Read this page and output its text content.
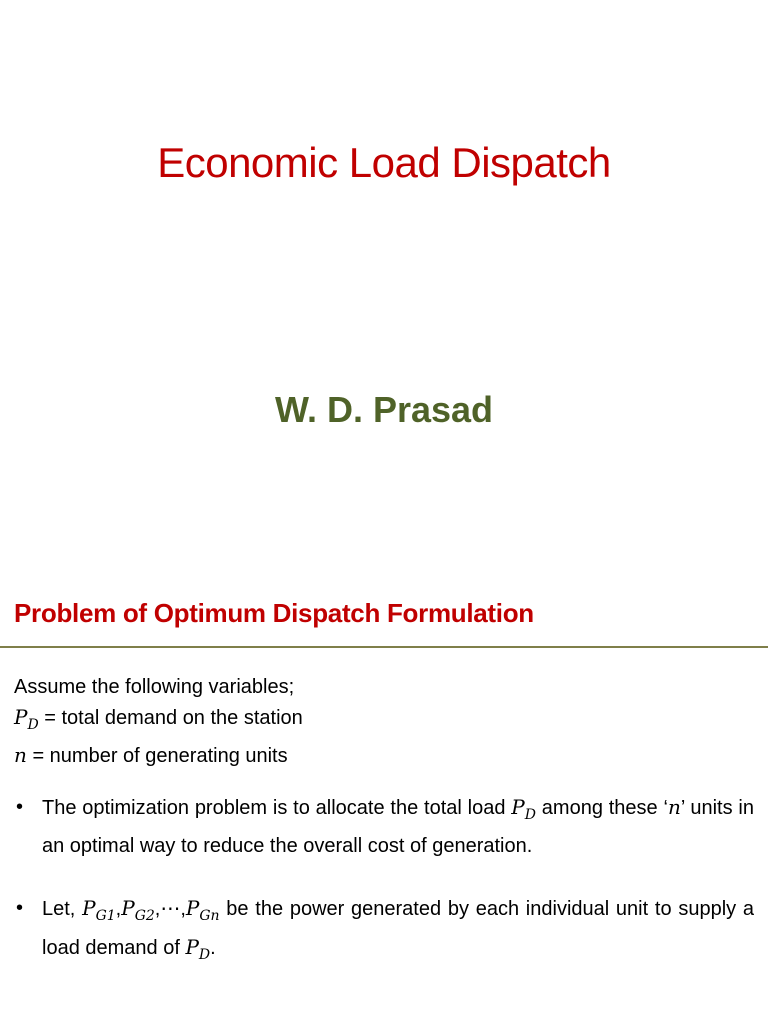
Economic Load Dispatch
W. D. Prasad
Problem of Optimum Dispatch Formulation
Assume the following variables;
$P_D$ = total demand on the station
n = number of generating units
• The optimization problem is to allocate the total load $P_D$ among these ‘n’ units in an optimal way to reduce the overall cost of generation.
• Let, $P_{G1},P_{G2},\cdots,P_{Gn}$ be the power generated by each individual unit to supply a load demand of $P_D$.
